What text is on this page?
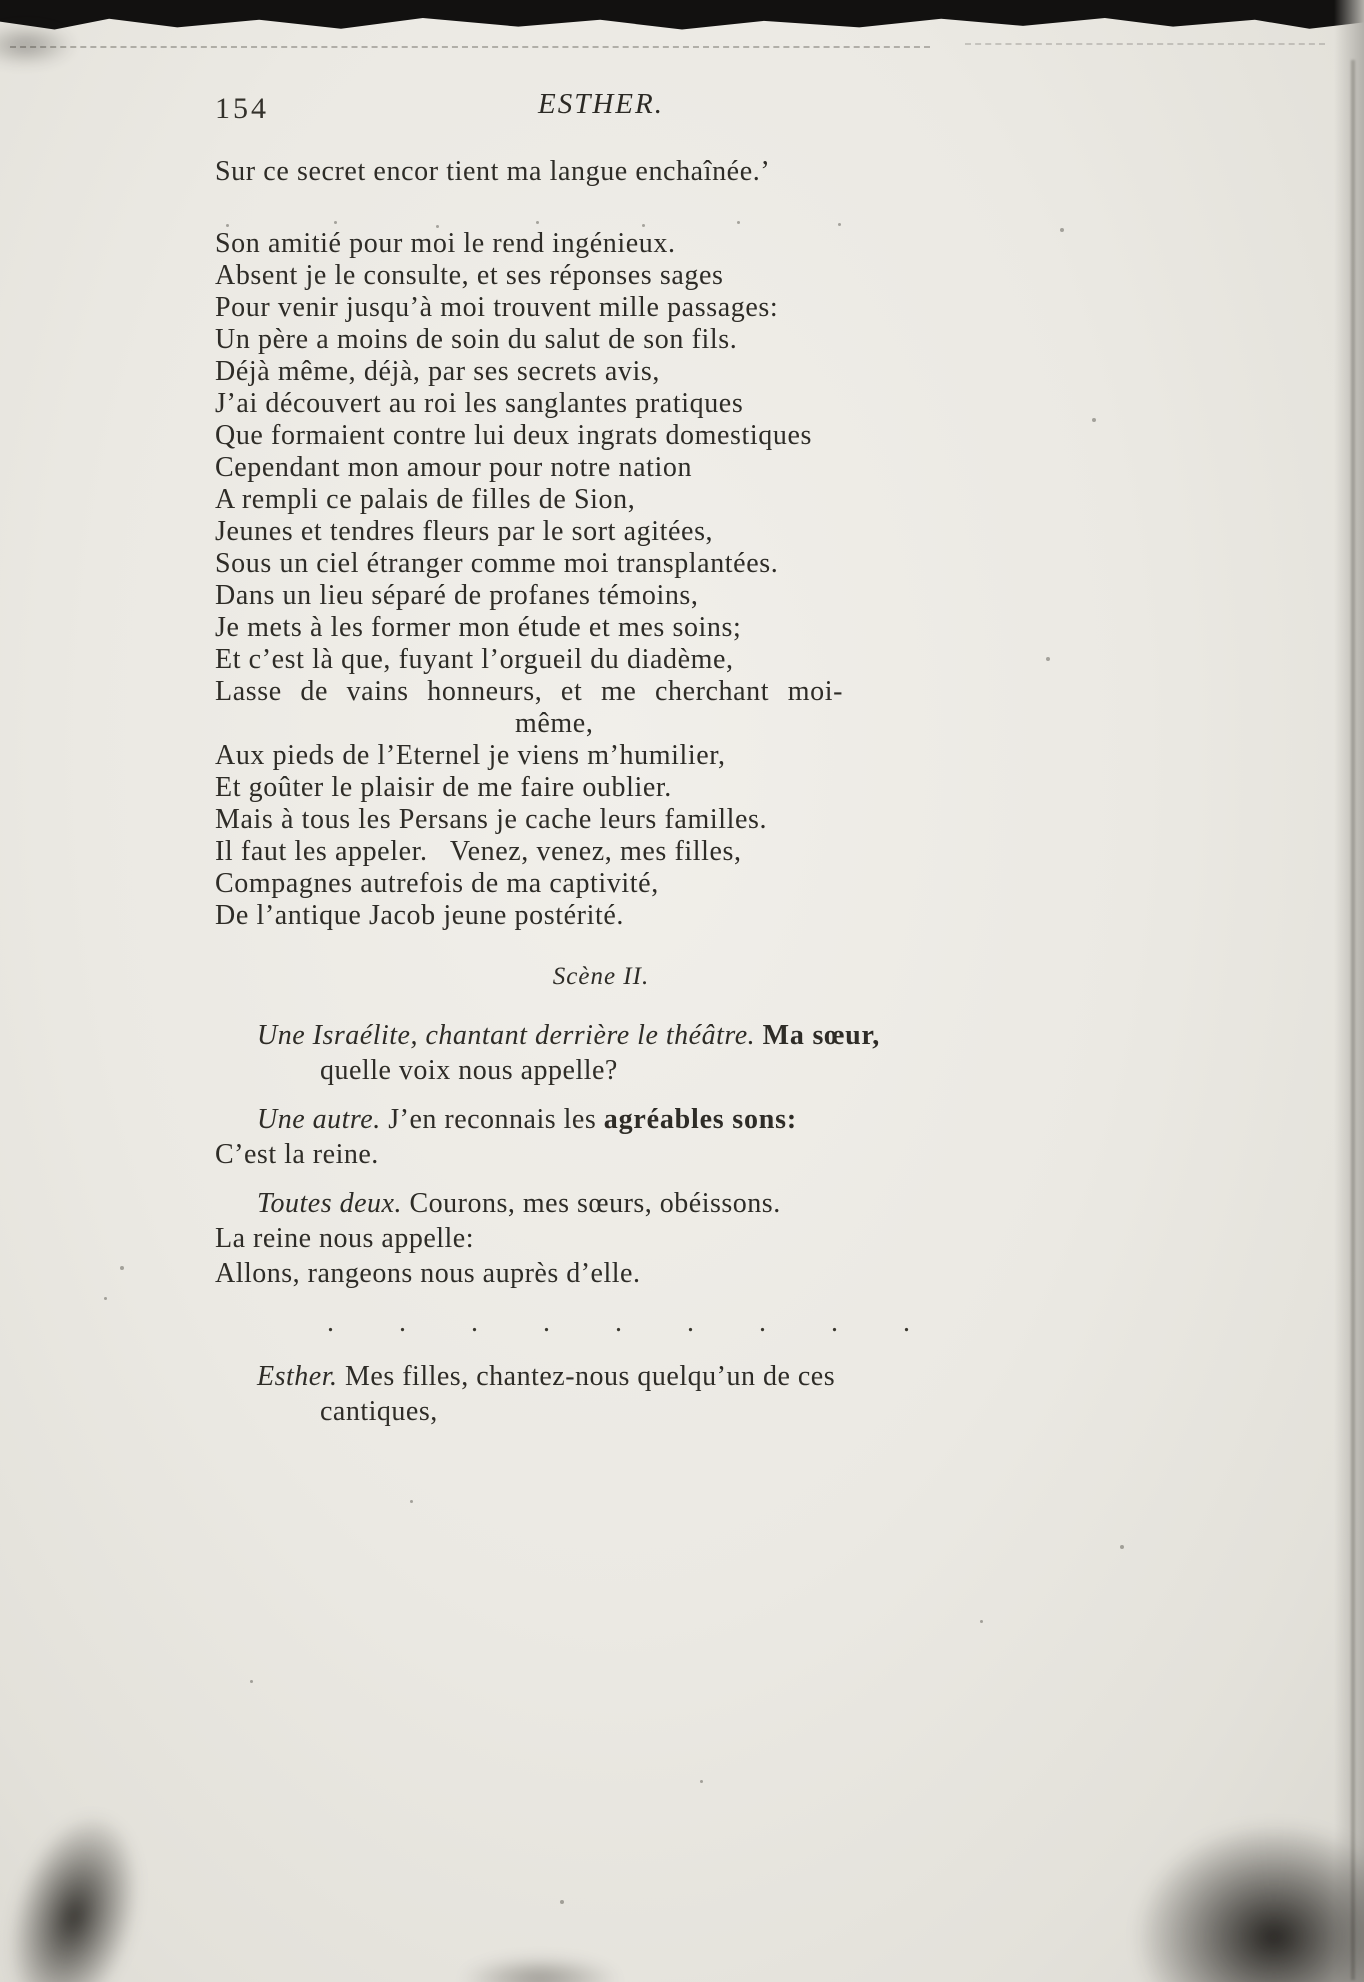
154	ESTHER.

Sur ce secret encor tient ma langue enchaînée.’

Son amitié pour moi le rend ingénieux.
Absent je le consulte, et ses réponses sages
Pour venir jusqu’à moi trouvent mille passages:
Un père a moins de soin du salut de son fils.
Déjà même, déjà, par ses secrets avis,
J’ai découvert au roi les sanglantes pratiques
Que formaient contre lui deux ingrats domestiques
Cependant mon amour pour notre nation
A rempli ce palais de filles de Sion,
Jeunes et tendres fleurs par le sort agitées,
Sous un ciel étranger comme moi transplantées.
Dans un lieu séparé de profanes témoins,
Je mets à les former mon étude et mes soins;
Et c’est là que, fuyant l’orgueil du diadème,
Lasse de vains honneurs, et me cherchant moi-
même,
Aux pieds de l’Eternel je viens m’humilier,
Et goûter le plaisir de me faire oublier.
Mais à tous les Persans je cache leurs familles.
Il faut les appeler.   Venez, venez, mes filles,
Compagnes autrefois de ma captivité,
De l’antique Jacob jeune postérité.
Scène II.

Une Israélite, chantant derrière le théâtre. Ma sœur,

quelle voix nous appelle?

Une autre. J’en reconnais les agréables sons:

C’est la reine.

Toutes deux. Courons, mes sœurs, obéissons.

La reine nous appelle:

Allons, rangeons nous auprès d’elle.

. . . . . . . . .

Esther. Mes filles, chantez-nous quelqu’un de ces

cantiques,
